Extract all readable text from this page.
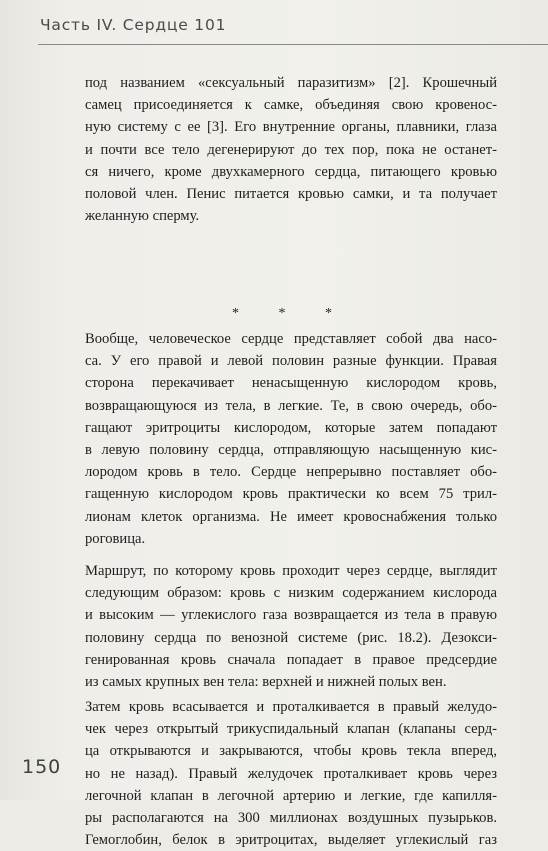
Часть IV. Сердце 101
под названием «сексуальный паразитизм» [2]. Крошечный
самец присоединяется к самке, объединяя свою кровенос-
ную систему с ее [3]. Его внутренние органы, плавники, глаза
и почти все тело дегенерируют до тех пор, пока не останет-
ся ничего, кроме двухкамерного сердца, питающего кровью
половой член. Пенис питается кровью самки, и та получает
желанную сперму.
* * *
Вообще, человеческое сердце представляет собой два насо-
са. У его правой и левой половин разные функции. Правая
сторона перекачивает ненасыщенную кислородом кровь,
возвращающуюся из тела, в легкие. Те, в свою очередь, обо-
гащают эритроциты кислородом, которые затем попадают
в левую половину сердца, отправляющую насыщенную кис-
лородом кровь в тело. Сердце непрерывно поставляет обо-
гащенную кислородом кровь практически ко всем 75 трил-
лионам клеток организма. Не имеет кровоснабжения только
роговица.
Маршрут, по которому кровь проходит через сердце, выглядит
следующим образом: кровь с низким содержанием кислорода
и высоким — углекислого газа возвращается из тела в правую
половину сердца по венозной системе (рис. 18.2). Дезокси-
генированная кровь сначала попадает в правое предсердие
из самых крупных вен тела: верхней и нижней полых вен.
Затем кровь всасывается и проталкивается в правый желудо-
чек через открытый трикуспидальный клапан (клапаны серд-
ца открываются и закрываются, чтобы кровь текла вперед,
но не назад). Правый желудочек проталкивает кровь через
легочной клапан в легочной артерию и легкие, где капилля-
ры располагаются на 300 миллионах воздушных пузырьков.
Гемоглобин, белок в эритроцитах, выделяет углекислый газ
150
